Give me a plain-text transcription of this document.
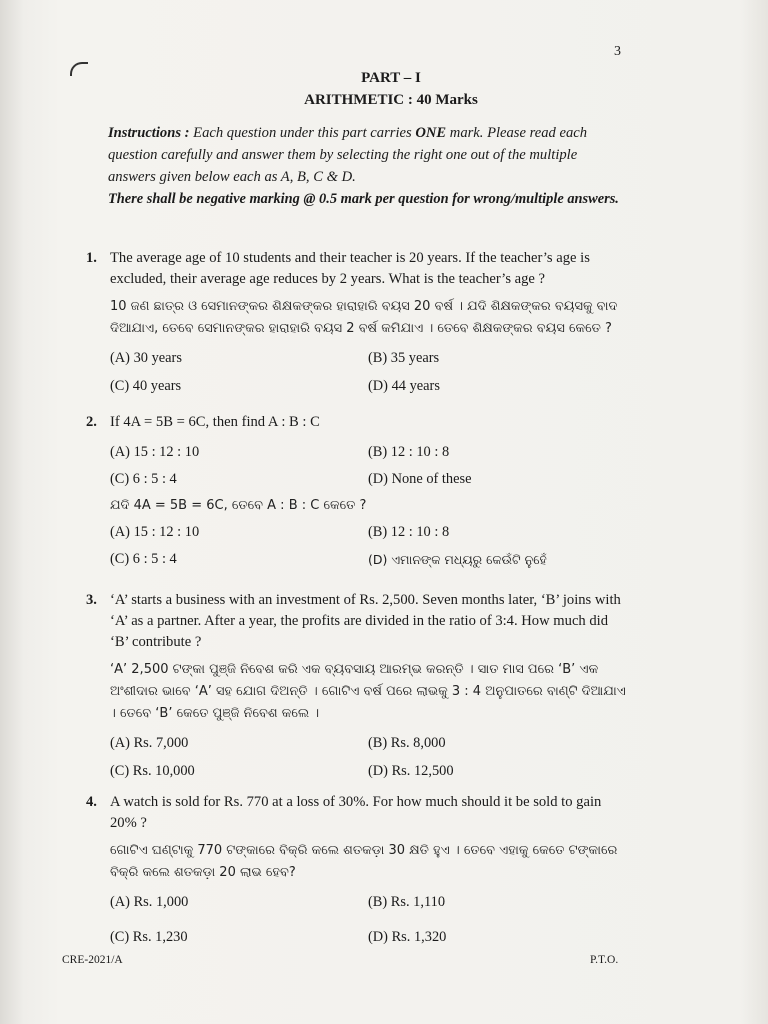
3
PART – I
ARITHMETIC : 40 Marks
Instructions : Each question under this part carries ONE mark. Please read each question carefully and answer them by selecting the right one out of the multiple answers given below each as A, B, C & D.
There shall be negative marking @ 0.5 mark per question for wrong/multiple answers.
1. The average age of 10 students and their teacher is 20 years. If the teacher’s age is excluded, their average age reduces by 2 years. What is the teacher’s age ?
10 ଜଣ ଛାତ୍ର ଓ ସେମାନଙ୍କର ଶିକ୍ଷକଙ୍କର ହାରାହାରି ବୟସ 20 ବର୍ଷ । ଯଦି ଶିକ୍ଷକଙ୍କର ବୟସକୁ ବାଦ ଦିଆଯାଏ, ତେବେ ସେମାନଙ୍କର ହାରାହାରି ବୟସ 2 ବର୍ଷ କମିଯାଏ । ତେବେ ଶିକ୍ଷକଙ୍କର ବୟସ କେତେ ?
(A) 30 years	(B) 35 years
(C) 40 years	(D) 44 years
2. If 4A = 5B = 6C, then find A : B : C
(A) 15 : 12 : 10	(B) 12 : 10 : 8
(C) 6 : 5 : 4	(D) None of these
ଯଦି 4A = 5B = 6C, ତେବେ A : B : C କେତେ ?
(A) 15 : 12 : 10	(B) 12 : 10 : 8
(C) 6 : 5 : 4	(D) ଏମାନଙ୍କ ମଧ୍ୟରୁ କେଉଁଟି ନୁହେଁ
3. ‘A’ starts a business with an investment of Rs. 2,500. Seven months later, ‘B’ joins with ‘A’ as a partner. After a year, the profits are divided in the ratio of 3:4. How much did ‘B’ contribute ?
‘A’ 2,500 ଟଙ୍କା ପୁଞ୍ଜି ନିବେଶ କରି ଏକ ବ୍ୟବସାୟ ଆରମ୍ଭ କରନ୍ତି । ସାତ ମାସ ପରେ ‘B’ ଏକ ଅଂଶୀଦାର ଭାବେ ‘A’ ସହ ଯୋଗ ଦିଅନ୍ତି । ଗୋଟିଏ ବର୍ଷ ପରେ ଲାଭକୁ 3 : 4 ଅନୁପାତରେ ବାଣ୍ଟି ଦିଆଯାଏ । ତେବେ ‘B’ କେତେ ପୁଞ୍ଜି ନିବେଶ କଲେ ।
(A) Rs. 7,000	(B) Rs. 8,000
(C) Rs. 10,000	(D) Rs. 12,500
4. A watch is sold for Rs. 770 at a loss of 30%. For how much should it be sold to gain 20% ?
ଗୋଟିଏ ଘଣ୍ଟାକୁ 770 ଟଙ୍କାରେ ବିକ୍ରି କଲେ ଶତକଡ଼ା 30 କ୍ଷତି ହୁଏ । ତେବେ ଏହାକୁ କେତେ ଟଙ୍କାରେ ବିକ୍ରି କଲେ ଶତକଡ଼ା 20 ଲାଭ ହେବ?
(A) Rs. 1,000	(B) Rs. 1,110
(C) Rs. 1,230	(D) Rs. 1,320
CRE-2021/A	P.T.O.
